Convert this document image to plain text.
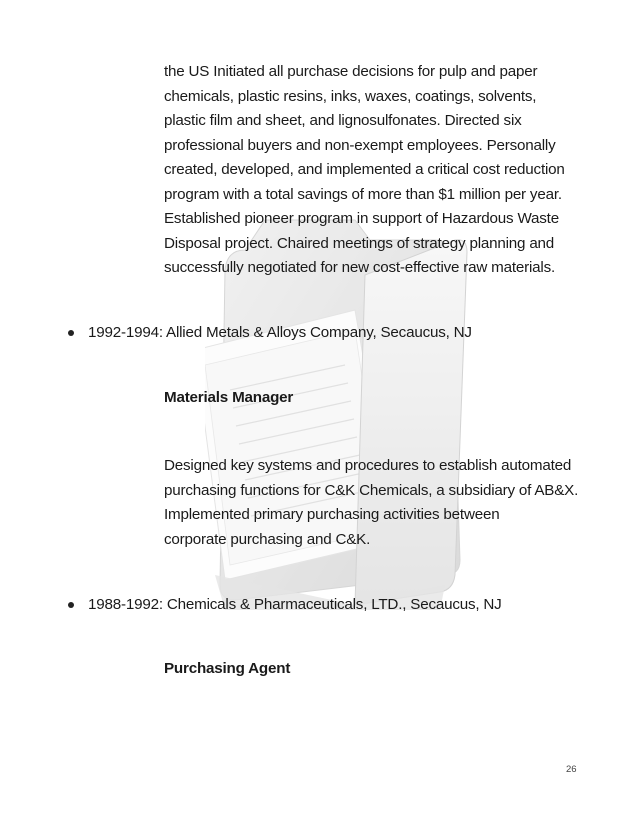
the US Initiated all purchase decisions for pulp and paper
chemicals, plastic resins, inks, waxes, coatings, solvents,
plastic film and sheet, and lignosulfonates. Directed six
professional buyers and non-exempt employees. Personally
created, developed, and implemented a critical cost reduction
program with a total savings of more than $1 million per year.
Established pioneer program in support of Hazardous Waste
Disposal project. Chaired meetings of strategy planning and
successfully negotiated for new cost-effective raw materials.
1992-1994: Allied Metals & Alloys Company, Secaucus, NJ
Materials Manager
Designed key systems and procedures to establish automated
purchasing functions for C&K Chemicals, a subsidiary of AB&X.
Implemented primary purchasing activities between
corporate purchasing and C&K.
1988-1992: Chemicals & Pharmaceuticals, LTD., Secaucus, NJ
Purchasing Agent
26
